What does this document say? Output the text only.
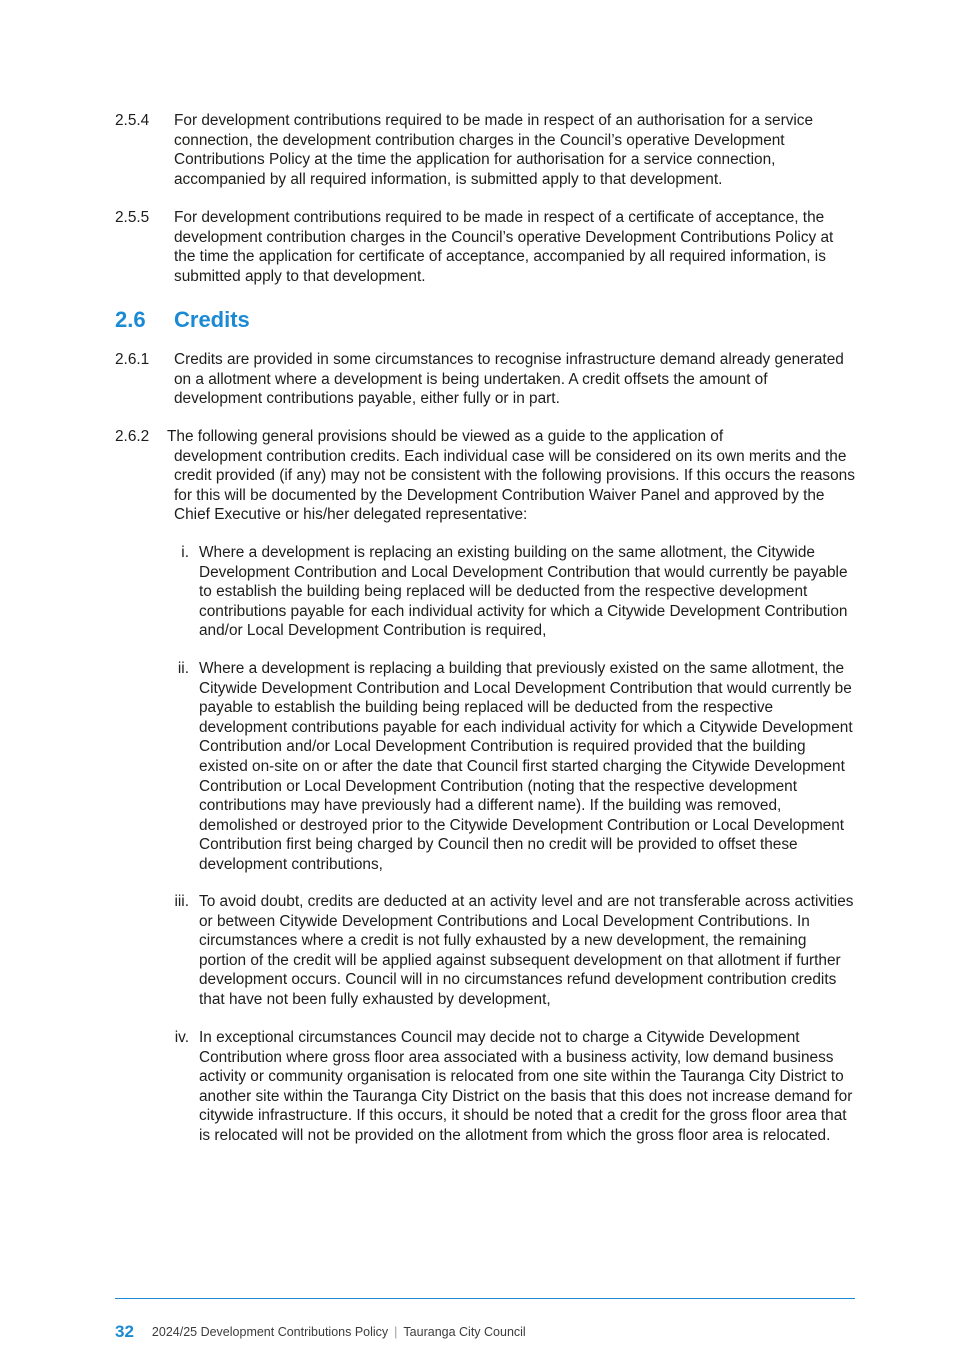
2.5.4 For development contributions required to be made in respect of an authorisation for a service connection, the development contribution charges in the Council’s operative Development Contributions Policy at the time the application for authorisation for a service connection, accompanied by all required information, is submitted apply to that development.
2.5.5 For development contributions required to be made in respect of a certificate of acceptance, the development contribution charges in the Council’s operative Development Contributions Policy at the time the application for certificate of acceptance, accompanied by all required information, is submitted apply to that development.
2.6 Credits
2.6.1 Credits are provided in some circumstances to recognise infrastructure demand already generated on a allotment where a development is being undertaken. A credit offsets the amount of development contributions payable, either fully or in part.
2.6.2 The following general provisions should be viewed as a guide to the application of
development contribution credits. Each individual case will be considered on its own merits and the credit provided (if any) may not be consistent with the following provisions. If this occurs the reasons for this will be documented by the Development Contribution Waiver Panel and approved by the Chief Executive or his/her delegated representative:
i. Where a development is replacing an existing building on the same allotment, the Citywide Development Contribution and Local Development Contribution that would currently be payable to establish the building being replaced will be deducted from the respective development contributions payable for each individual activity for which a Citywide Development Contribution and/or Local Development Contribution is required,
ii. Where a development is replacing a building that previously existed on the same allotment, the Citywide Development Contribution and Local Development Contribution that would currently be payable to establish the building being replaced will be deducted from the respective development contributions payable for each individual activity for which a Citywide Development Contribution and/or Local Development Contribution is required provided that the building existed on-site on or after the date that Council first started charging the Citywide Development Contribution or Local Development Contribution (noting that the respective development contributions may have previously had a different name). If the building was removed, demolished or destroyed prior to the Citywide Development Contribution or Local Development Contribution first being charged by Council then no credit will be provided to offset these development contributions,
iii. To avoid doubt, credits are deducted at an activity level and are not transferable across activities or between Citywide Development Contributions and Local Development Contributions. In circumstances where a credit is not fully exhausted by a new development, the remaining portion of the credit will be applied against subsequent development on that allotment if further development occurs. Council will in no circumstances refund development contribution credits that have not been fully exhausted by development,
iv. In exceptional circumstances Council may decide not to charge a Citywide Development Contribution where gross floor area associated with a business activity, low demand business activity or community organisation is relocated from one site within the Tauranga City District to another site within the Tauranga City District on the basis that this does not increase demand for citywide infrastructure. If this occurs, it should be noted that a credit for the gross floor area that is relocated will not be provided on the allotment from which the gross floor area is relocated.
32 2024/25 Development Contributions Policy | Tauranga City Council
